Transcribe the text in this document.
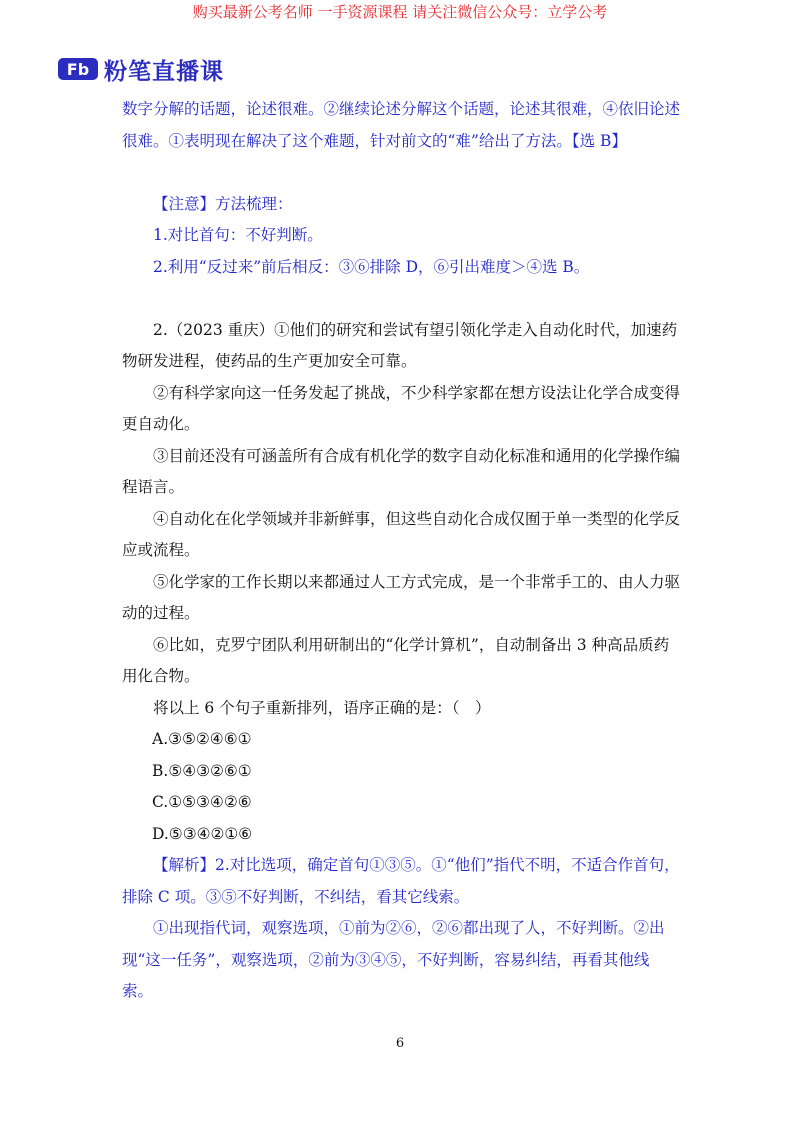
购买最新公考名师 一手资源课程 请关注微信公众号：立学公考
Fb 粉笔直播课

数字分解的话题，论述很难。②继续论述分解这个话题，论述其很难，④依旧论述很难。①表明现在解决了这个难题，针对前文的“难”给出了方法。【选 B】

【注意】方法梳理：

1.对比首句：不好判断。

2.利用“反过来”前后相反：③⑥排除 D，⑥引出难度＞④选 B。

2.（2023 重庆）①他们的研究和尝试有望引领化学走入自动化时代，加速药物研发进程，使药品的生产更加安全可靠。

②有科学家向这一任务发起了挑战，不少科学家都在想方设法让化学合成变得更自动化。

③目前还没有可涵盖所有合成有机化学的数字自动化标准和通用的化学操作编程语言。

④自动化在化学领域并非新鲜事，但这些自动化合成仅囿于单一类型的化学反应或流程。

⑤化学家的工作长期以来都通过人工方式完成，是一个非常手工的、由人力驱动的过程。

⑥比如，克罗宁团队利用研制出的“化学计算机”，自动制备出 3 种高品质药用化合物。

将以上 6 个句子重新排列，语序正确的是：（　）

A.③⑤②④⑥①

B.⑤④③②⑥①

C.①⑤③④②⑥

D.⑤③④②①⑥

【解析】2.对比选项，确定首句①③⑤。①“他们”指代不明，不适合作首句，排除 C 项。③⑤不好判断，不纠结，看其它线索。

①出现指代词，观察选项，①前为②⑥，②⑥都出现了人，不好判断。②出现“这一任务”，观察选项，②前为③④⑤，不好判断，容易纠结，再看其他线索。

6
